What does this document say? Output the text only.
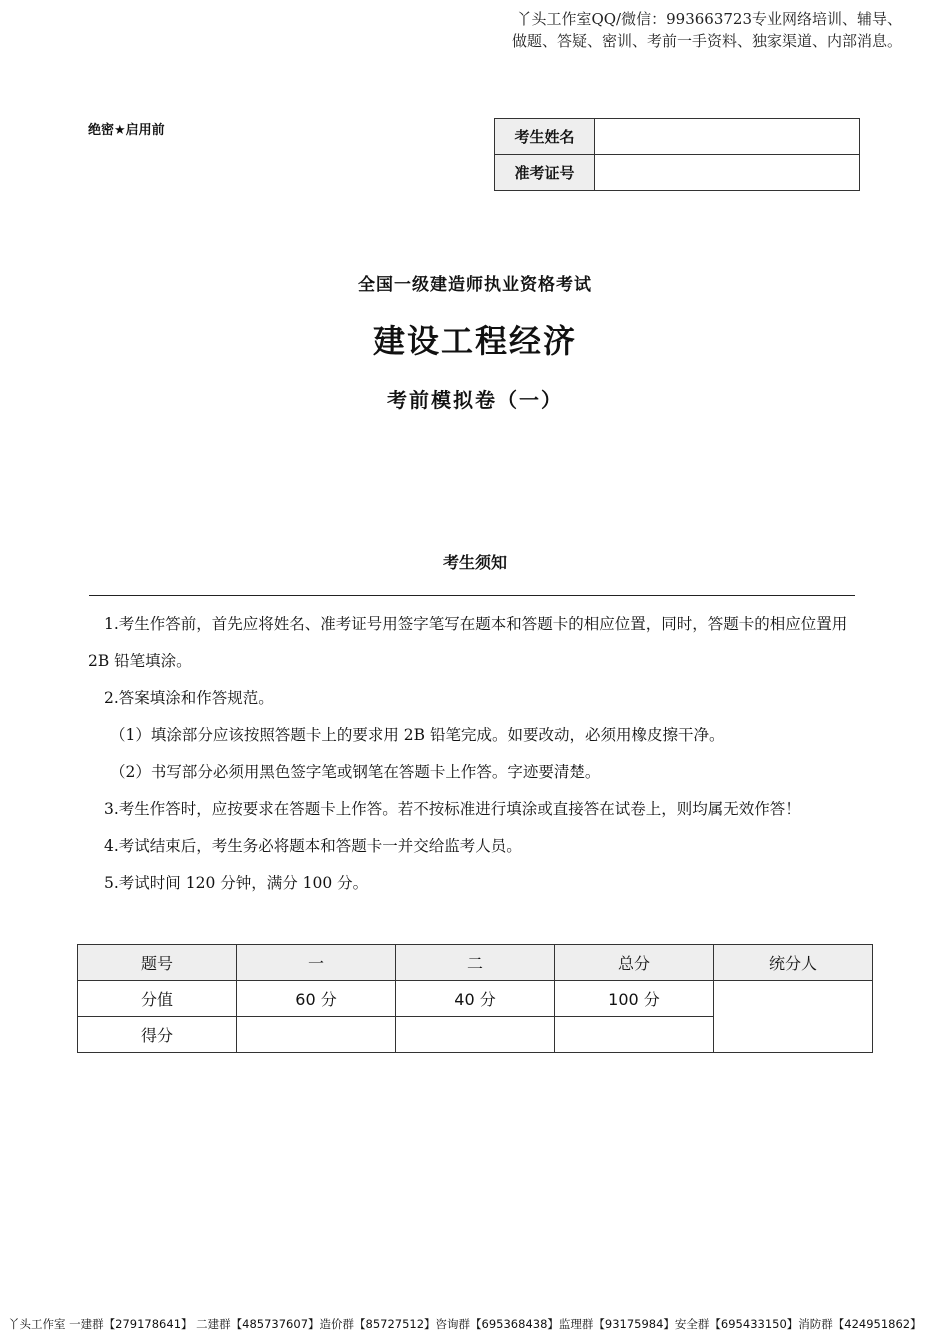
丫头工作室QQ/微信：993663723专业网络培训、辅导、
做题、答疑、密训、考前一手资料、独家渠道、内部消息。
绝密★启用前	考生姓名	
准考证号	
全国一级建造师执业资格考试
建设工程经济
考前模拟卷（一）
考生须知

1.考生作答前，首先应将姓名、准考证号用签字笔写在题本和答题卡的相应位置，同时，答题卡的相应位置用 2B 铅笔填涂。

2.答案填涂和作答规范。

（1）填涂部分应该按照答题卡上的要求用 2B 铅笔完成。如要改动，必须用橡皮擦干净。

（2）书写部分必须用黑色签字笔或钢笔在答题卡上作答。字迹要清楚。

3.考生作答时，应按要求在答题卡上作答。若不按标准进行填涂或直接答在试卷上，则均属无效作答！

4.考试结束后，考生务必将题本和答题卡一并交给监考人员。

5.考试时间 120 分钟，满分 100 分。

题号	一	二	总分	统分人
分值	60 分	40 分	100 分	
得分				
丫头工作室 一建群【279178641】 二建群【485737607】造价群【85727512】咨询群【695368438】监理群【93175984】安全群【695433150】消防群【424951862】
